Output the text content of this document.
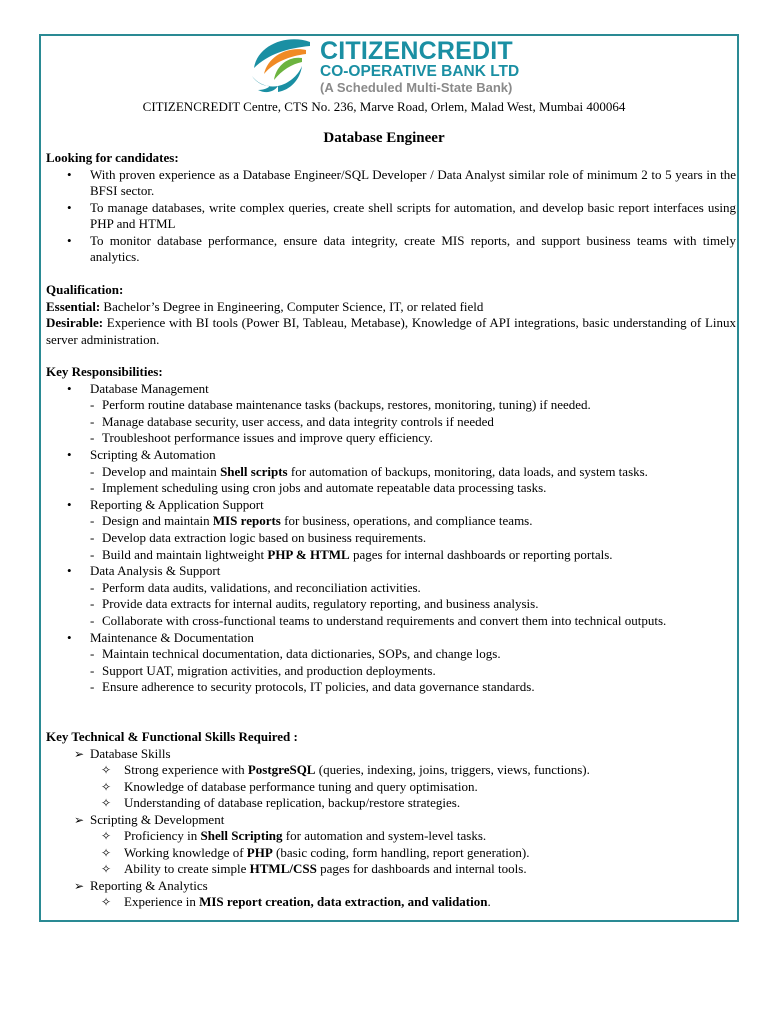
CITIZENCREDIT
CO-OPERATIVE BANK LTD
(A Scheduled Multi-State Bank)
CITIZENCREDIT Centre, CTS No. 236, Marve Road, Orlem, Malad West, Mumbai 400064
Database Engineer
Looking for candidates:
• With proven experience as a Database Engineer/SQL Developer / Data Analyst similar role of minimum 2 to 5 years in the BFSI sector.
• To manage databases, write complex queries, create shell scripts for automation, and develop basic report interfaces using PHP and HTML
• To monitor database performance, ensure data integrity, create MIS reports, and support business teams with timely analytics.
Qualification:
Essential: Bachelor’s Degree in Engineering, Computer Science, IT, or related field
Desirable: Experience with BI tools (Power BI, Tableau, Metabase), Knowledge of API integrations, basic understanding of Linux server administration.
Key Responsibilities:
• Database Management
- Perform routine database maintenance tasks (backups, restores, monitoring, tuning) if needed.
- Manage database security, user access, and data integrity controls if needed
- Troubleshoot performance issues and improve query efficiency.
• Scripting & Automation
- Develop and maintain Shell scripts for automation of backups, monitoring, data loads, and system tasks.
- Implement scheduling using cron jobs and automate repeatable data processing tasks.
• Reporting & Application Support
- Design and maintain MIS reports for business, operations, and compliance teams.
- Develop data extraction logic based on business requirements.
- Build and maintain lightweight PHP & HTML pages for internal dashboards or reporting portals.
• Data Analysis & Support
- Perform data audits, validations, and reconciliation activities.
- Provide data extracts for internal audits, regulatory reporting, and business analysis.
- Collaborate with cross-functional teams to understand requirements and convert them into technical outputs.
• Maintenance & Documentation
- Maintain technical documentation, data dictionaries, SOPs, and change logs.
- Support UAT, migration activities, and production deployments.
- Ensure adherence to security protocols, IT policies, and data governance standards.
Key Technical & Functional Skills Required :
➢ Database Skills
✧ Strong experience with PostgreSQL (queries, indexing, joins, triggers, views, functions).
✧ Knowledge of database performance tuning and query optimisation.
✧ Understanding of database replication, backup/restore strategies.
➢ Scripting & Development
✧ Proficiency in Shell Scripting for automation and system-level tasks.
✧ Working knowledge of PHP (basic coding, form handling, report generation).
✧ Ability to create simple HTML/CSS pages for dashboards and internal tools.
➢ Reporting & Analytics
✧ Experience in MIS report creation, data extraction, and validation.
